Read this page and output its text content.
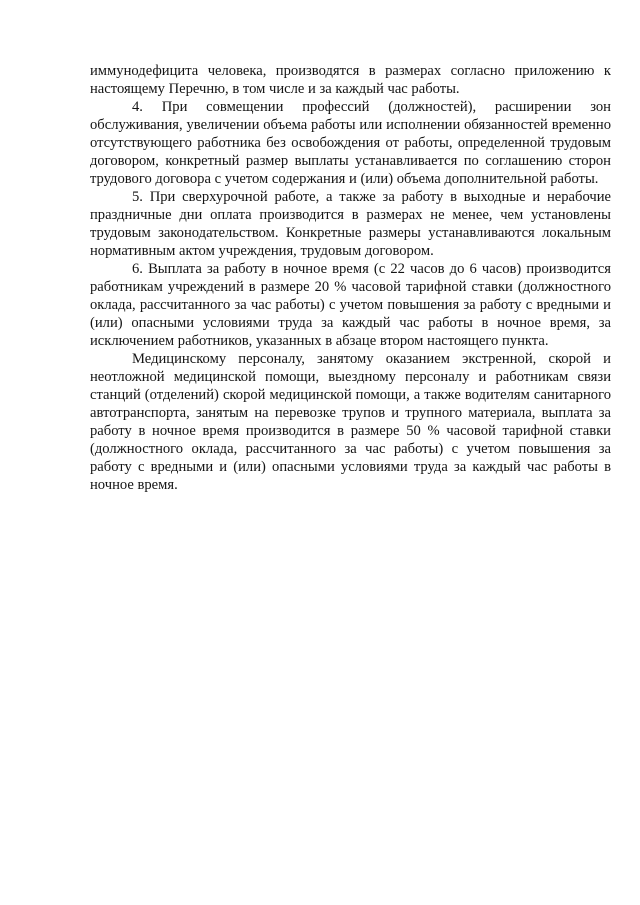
иммунодефицита человека, производятся в размерах согласно приложению к настоящему Перечню, в том числе и за каждый час работы.

4. При совмещении профессий (должностей), расширении зон обслуживания, увеличении объема работы или исполнении обязанностей временно отсутствующего работника без освобождения от работы, определенной трудовым договором, конкретный размер выплаты устанавливается по соглашению сторон трудового договора с учетом содержания и (или) объема дополнительной работы.

5. При сверхурочной работе, а также за работу в выходные и нерабочие праздничные дни оплата производится в размерах не менее, чем установлены трудовым законодательством. Конкретные размеры устанавливаются локальным нормативным актом учреждения, трудовым договором.

6. Выплата за работу в ночное время (с 22 часов до 6 часов) производится работникам учреждений в размере 20 % часовой тарифной ставки (должностного оклада, рассчитанного за час работы) с учетом повышения за работу с вредными и (или) опасными условиями труда за каждый час работы в ночное время, за исключением работников, указанных в абзаце втором настоящего пункта.

Медицинскому персоналу, занятому оказанием экстренной, скорой и неотложной медицинской помощи, выездному персоналу и работникам связи станций (отделений) скорой медицинской помощи, а также водителям санитарного автотранспорта, занятым на перевозке трупов и трупного материала, выплата за работу в ночное время производится в размере 50 % часовой тарифной ставки (должностного оклада, рассчитанного за час работы) с учетом повышения за работу с вредными и (или) опасными условиями труда за каждый час работы в ночное время.
